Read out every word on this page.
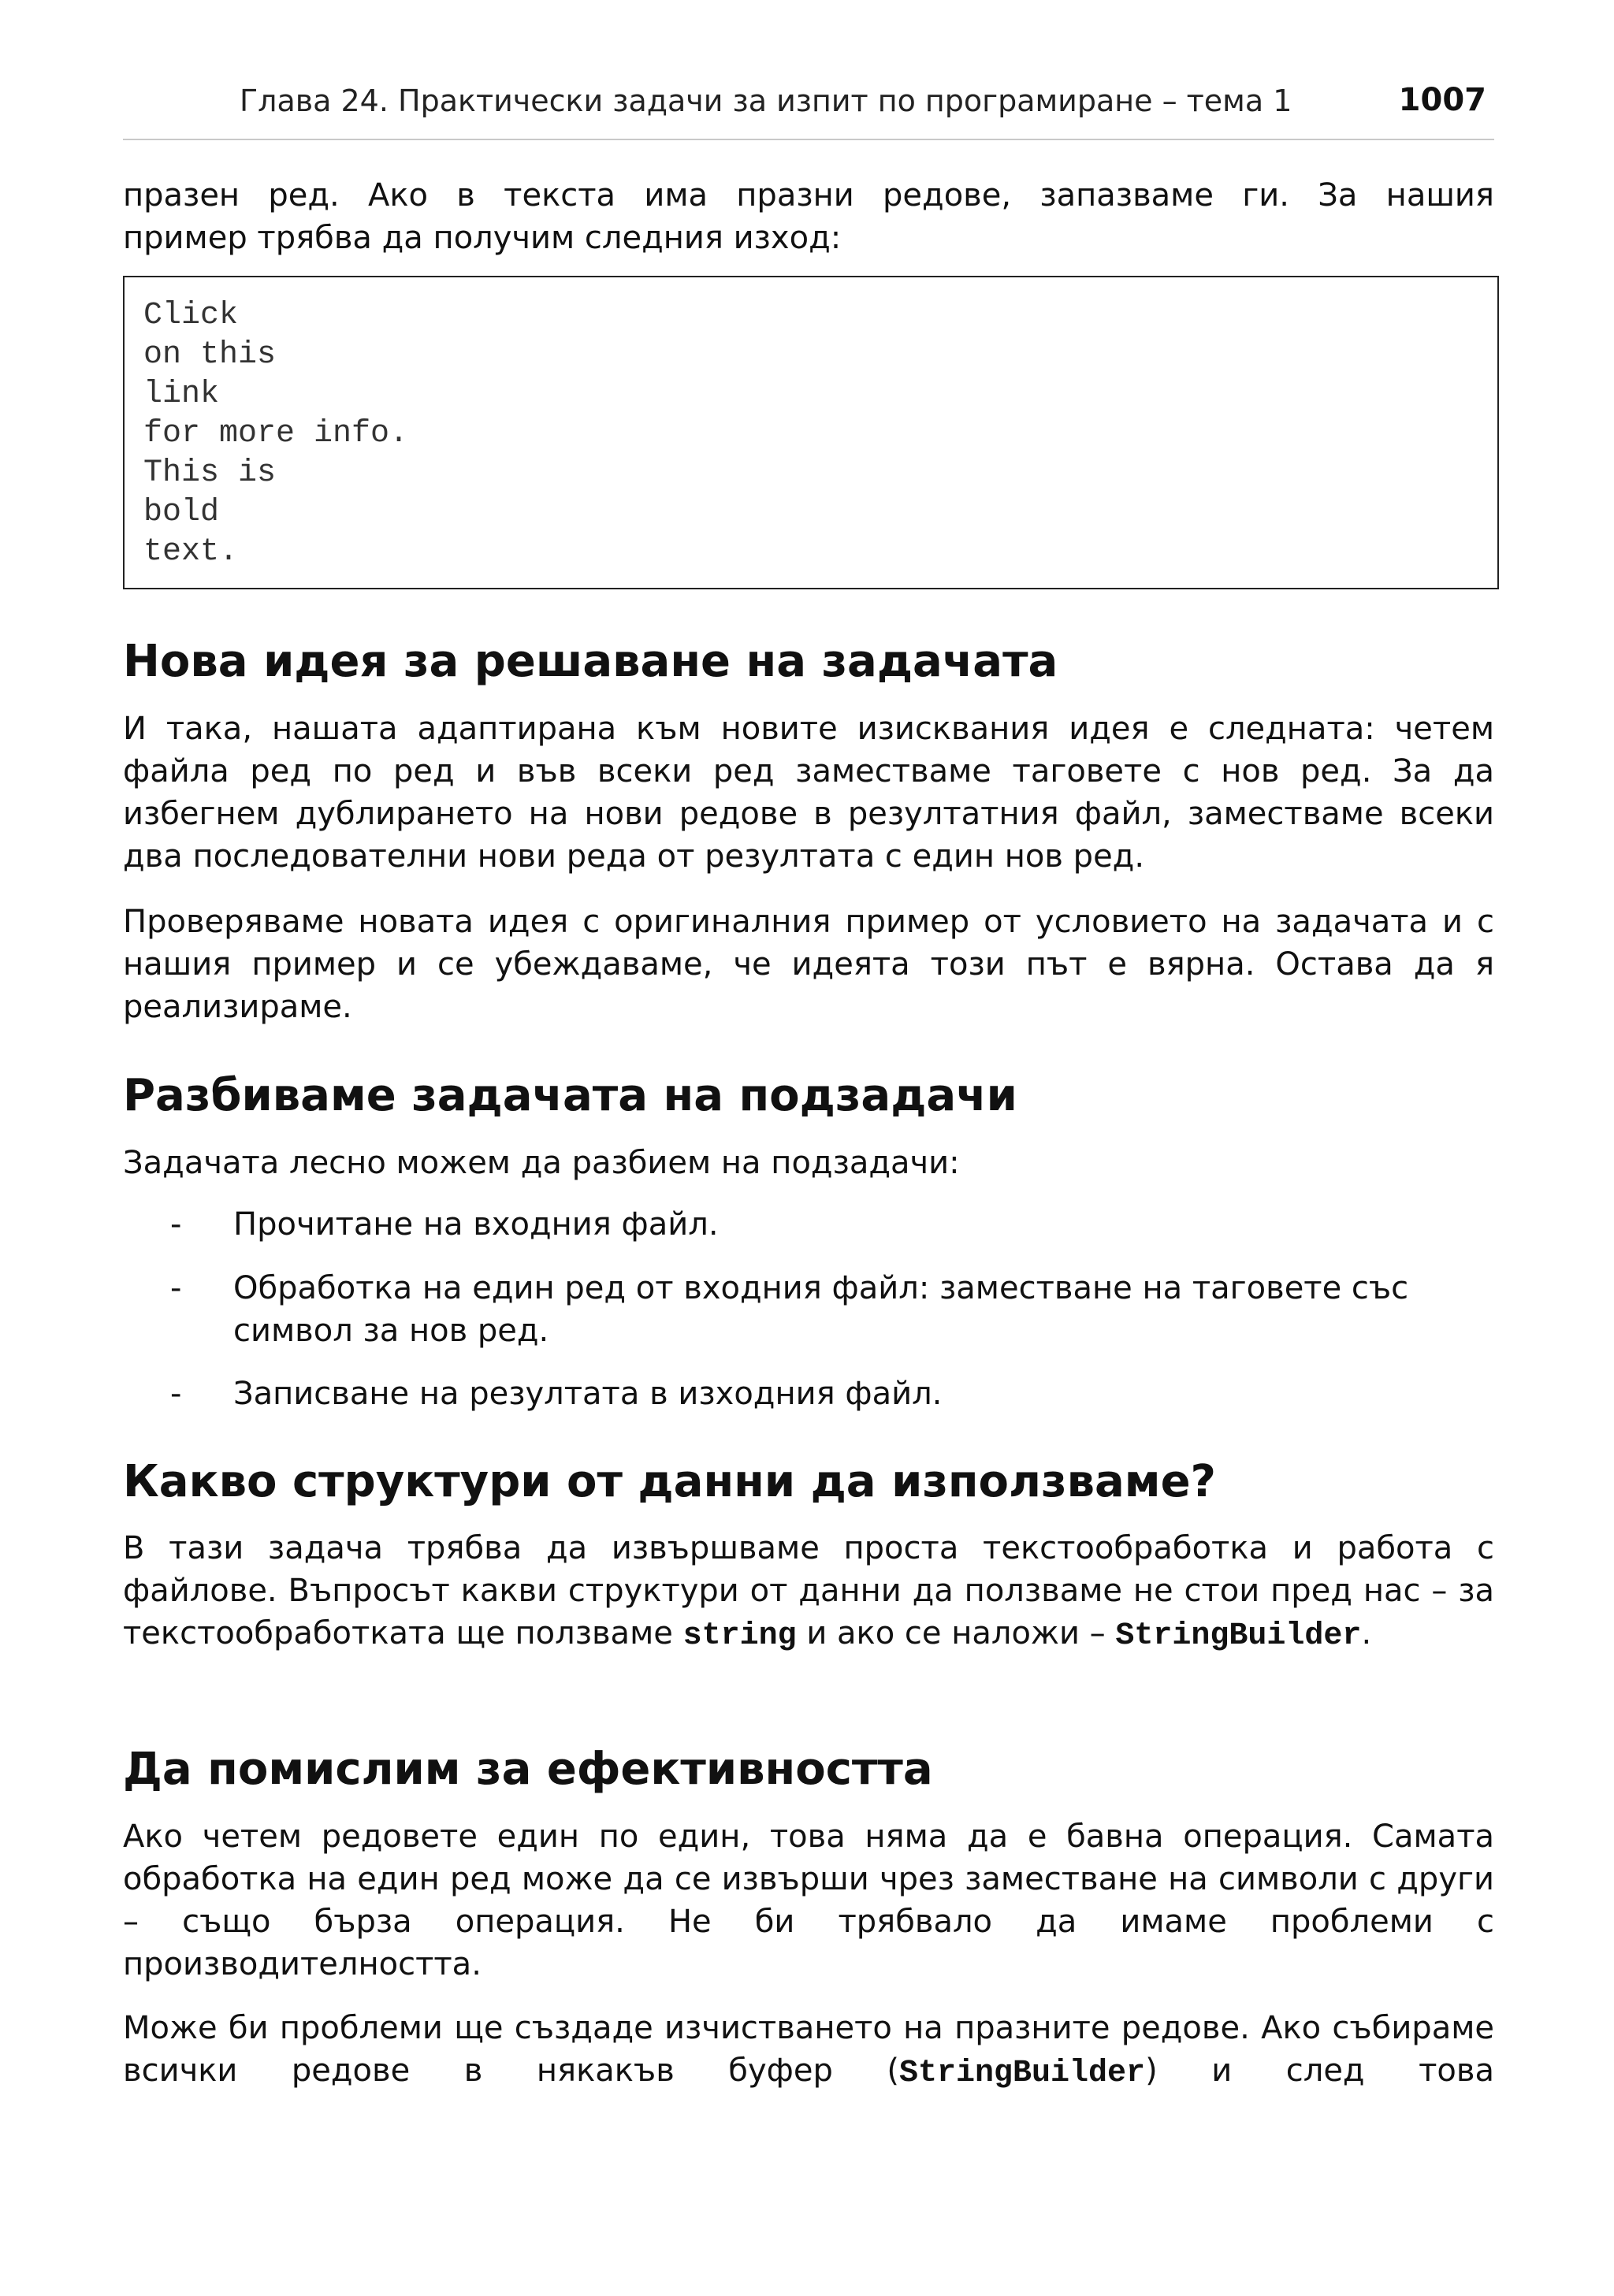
Глава 24. Практически задачи за изпит по програмиране – тема 1	1007

празен ред. Ако в текста има празни редове, запазваме ги. За нашия

пример трябва да получим следния изход:

Click
on this
link
for more info.
This is
bold
text.
Нова идея за решаване на задачата

И така, нашата адаптирана към новите изисквания идея е следната: четем файла ред по ред и във всеки ред заместваме таговете с нов ред. За да избегнем дублирането на нови редове в резултатния файл, заместваме всеки два последователни нови реда от резултата с един нов ред.

Проверяваме новата идея с оригиналния пример от условието на задачата и с нашия пример и се убеждаваме, че идеята този път е вярна. Остава да я реализираме.

Разбиваме задачата на подзадачи

Задачата лесно можем да разбием на подзадачи:

- Прочитане на входния файл.
- Обработка на един ред от входния файл: заместване на таговете със символ за нов ред.
- Записване на резултата в изходния файл.
Какво структури от данни да използваме?

В тази задача трябва да извършваме проста текстообработка и работа с файлове. Въпросът какви структури от данни да ползваме не стои пред нас – за текстообработката ще ползваме string и ако се наложи – StringBuilder.

Да помислим за ефективността

Ако четем редовете един по един, това няма да е бавна операция. Самата обработка на един ред може да се извърши чрез заместване на символи с други – също бърза операция. Не би трябвало да имаме проблеми с производителността.

Може би проблеми ще създаде изчистването на празните редове. Ако събираме всички редове в някакъв буфер (StringBuilder) и след това
